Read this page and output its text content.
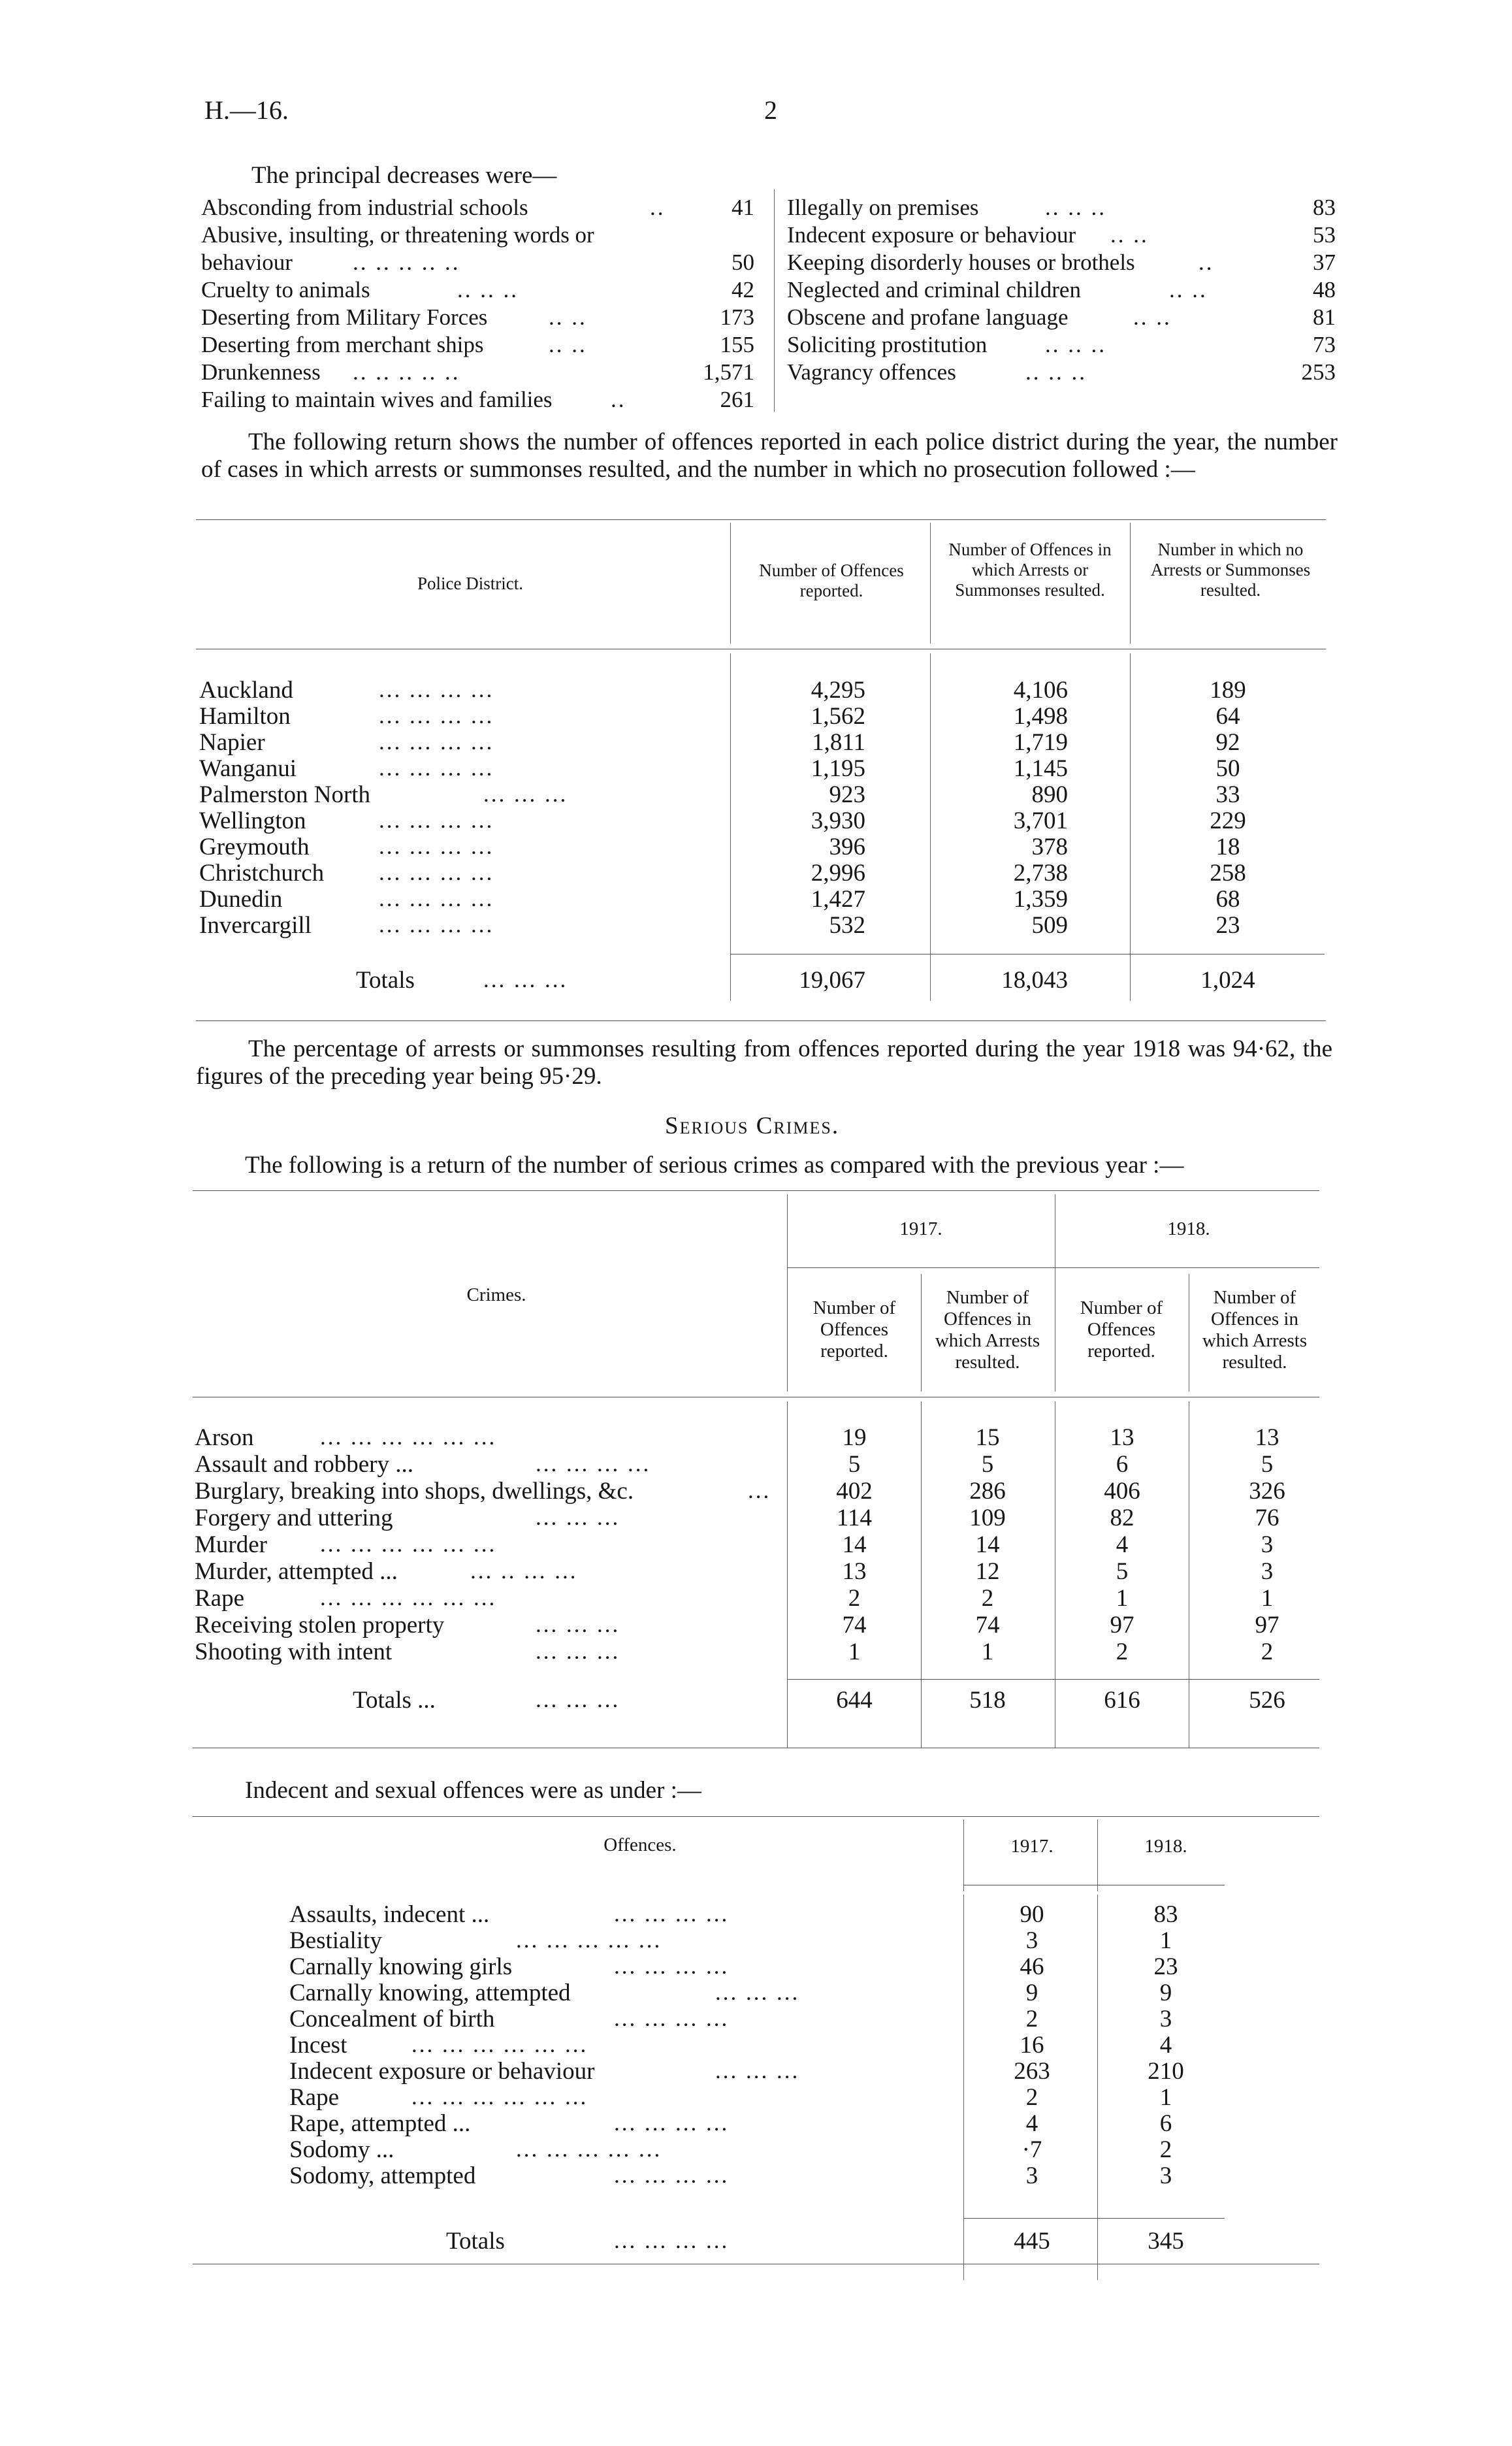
H.—16.	2
The principal decreases were—
Absconding from industrial schools	..	41
Abusive, insulting, or threatening words or
behaviour	.. .. .. .. ..	50
Cruelty to animals	.. .. ..	42
Deserting from Military Forces	.. ..	173
Deserting from merchant ships	.. ..	155
Drunkenness .. .. .. .. ..	1,571
Failing to maintain wives and families	..	261
Illegally on premises	.. .. ..	83
Indecent exposure or behaviour .. ..	53
Keeping disorderly houses or brothels	..	37
Neglected and criminal children	.. ..	48
Obscene and profane language	.. ..	81
Soliciting prostitution	.. .. ..	73
Vagrancy offences	.. .. ..	253
The following return shows the number of offences reported in each police district during the year, the number of cases in which arrests or summonses resulted, and the number in which no prosecution followed :—
Police District.
Number of Offences reported.
Number of Offences in which Arrests or Summonses resulted.
Number in which no Arrests or Summonses resulted.
Auckland	... ... ... ...	4,295	4,106	189
Hamilton	... ... ... ...	1,562	1,498	64
Napier	... ... ... ...	1,811	1,719	92
Wanganui	... ... ... ...	1,195	1,145	50
Palmerston North	... ... ...	923	890	33
Wellington	... ... ... ...	3,930	3,701	229
Greymouth	... ... ... ...	396	378	18
Christchurch ... ... ... ...	2,996	2,738	258
Dunedin	... ... ... ...	1,427	1,359	68
Invercargill	... ... ... ...	532	509	23
Totals	... ... ...	19,067	18,043	1,024
The percentage of arrests or summonses resulting from offences reported during the year 1918 was 94·62, the figures of the preceding year being 95·29.
Serious Crimes.
The following is a return of the number of serious crimes as compared with the previous year :—
1917.	1918.
Crimes.
Number of Offences reported.
Number of Offences in which Arrests resulted.
Number of Offences reported.
Number of Offences in which Arrests resulted.
Arson	... ... ... ... ... ...	19	15	13	13
Assault and robbery ...	... ... ... ...	5	5	6	5
Burglary, breaking into shops, dwellings, &c.	...	402	286	406	326
Forgery and uttering	... ... ...	114	109	82	76
Murder ... ... ... ... ... ...	14	14	4	3
Murder, attempted ...	... .. ... ...	13	12	5	3
Rape	... ... ... ... ... ...	2	2	1	1
Receiving stolen property	... ... ...	74	74	97	97
Shooting with intent	... ... ...	1	1	2	2
Totals ...	... ... ...	644	518	616	526
Indecent and sexual offences were as under :—
Offences.	1917.	1918.
Assaults, indecent ...	... ... ... ...	90	83
Bestiality	... ... ... ... ...	3	1
Carnally knowing girls	... ... ... ...	46	23
Carnally knowing, attempted	... ... ...	9	9
Concealment of birth	... ... ... ...	2	3
Incest	... ... ... ... ... ...	16	4
Indecent exposure or behaviour	... ... ...	263	210
Rape	... ... ... ... ... ...	2	1
Rape, attempted ...	... ... ... ...	4	6
Sodomy ...	... ... ... ... ...	·7	2
Sodomy, attempted	... ... ... ...	3	3
Totals	... ... ... ...	445	345
